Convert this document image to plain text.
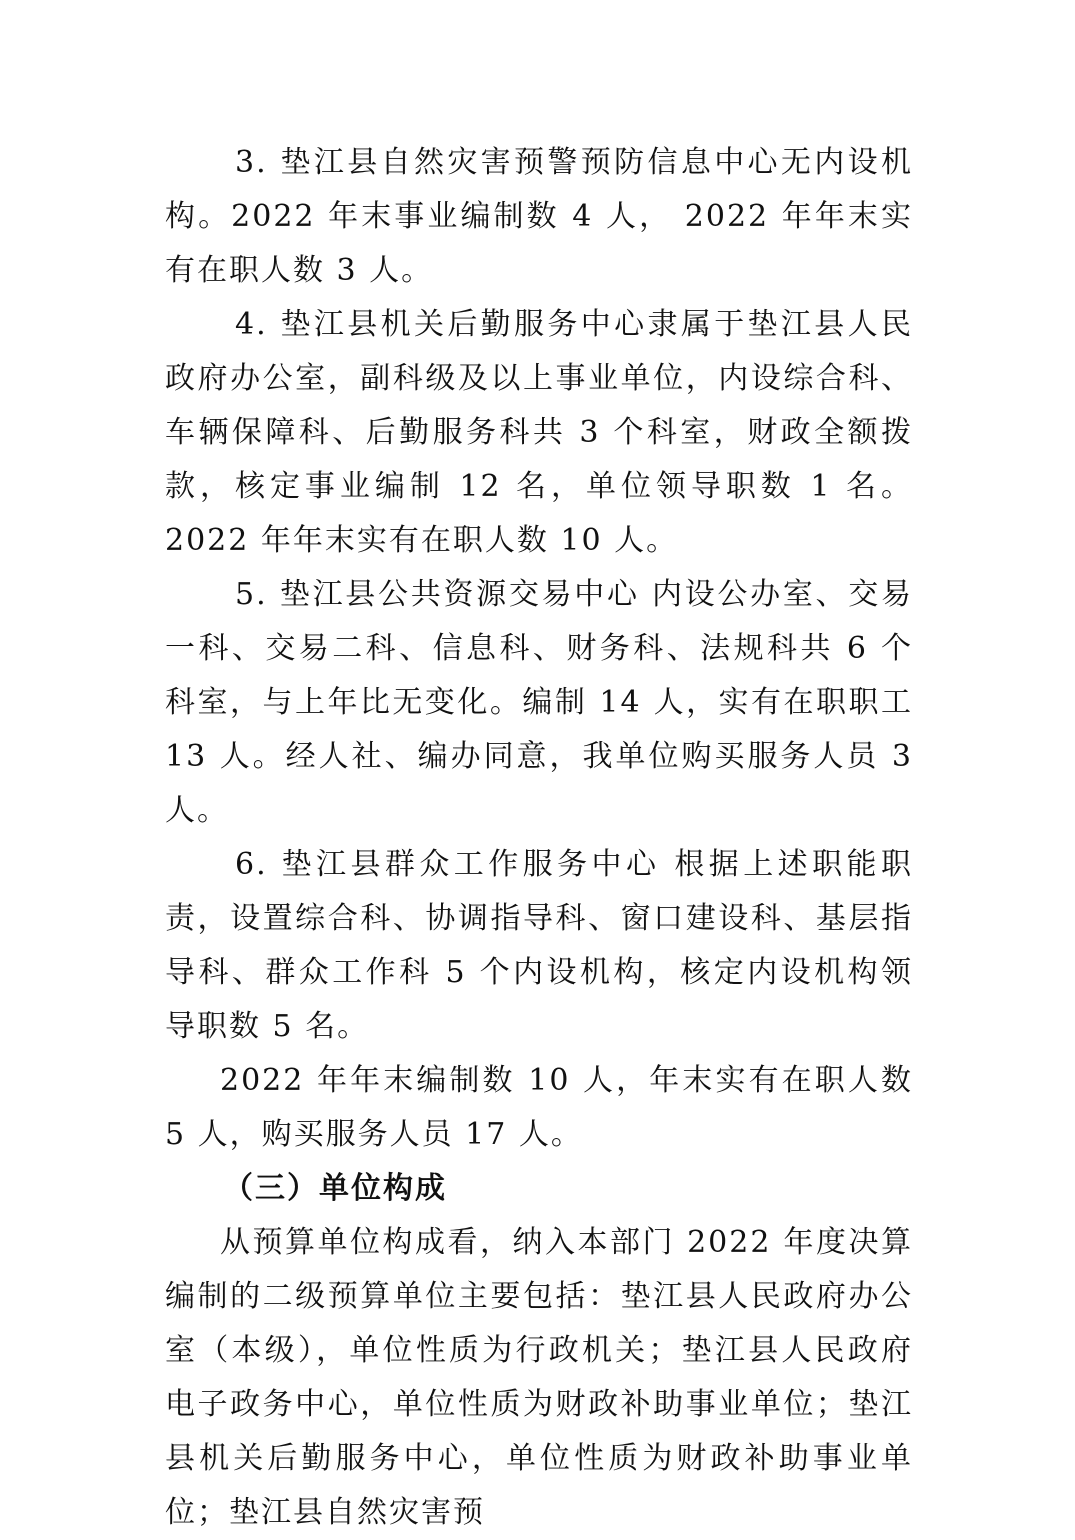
3. 垫江县自然灾害预警预防信息中心无内设机构。2022 年末事业编制数 4 人， 2022 年年末实有在职人数 3 人。

4. 垫江县机关后勤服务中心隶属于垫江县人民政府办公室，副科级及以上事业单位，内设综合科、车辆保障科、后勤服务科共 3 个科室，财政全额拨款，核定事业编制 12 名，单位领导职数 1 名。2022 年年末实有在职人数 10 人。

5. 垫江县公共资源交易中心 内设公办室、交易一科、交易二科、信息科、财务科、法规科共 6 个科室，与上年比无变化。编制 14 人，实有在职职工 13 人。经人社、编办同意，我单位购买服务人员 3 人。

6. 垫江县群众工作服务中心 根据上述职能职责，设置综合科、协调指导科、窗口建设科、基层指导科、群众工作科 5 个内设机构，核定内设机构领导职数 5 名。

2022 年年末编制数 10 人，年末实有在职人数 5 人，购买服务人员 17 人。

（三）单位构成

从预算单位构成看，纳入本部门 2022 年度决算编制的二级预算单位主要包括：垫江县人民政府办公室（本级），单位性质为行政机关；垫江县人民政府电子政务中心，单位性质为财政补助事业单位；垫江县机关后勤服务中心，单位性质为财政补助事业单位；垫江县自然灾害预
